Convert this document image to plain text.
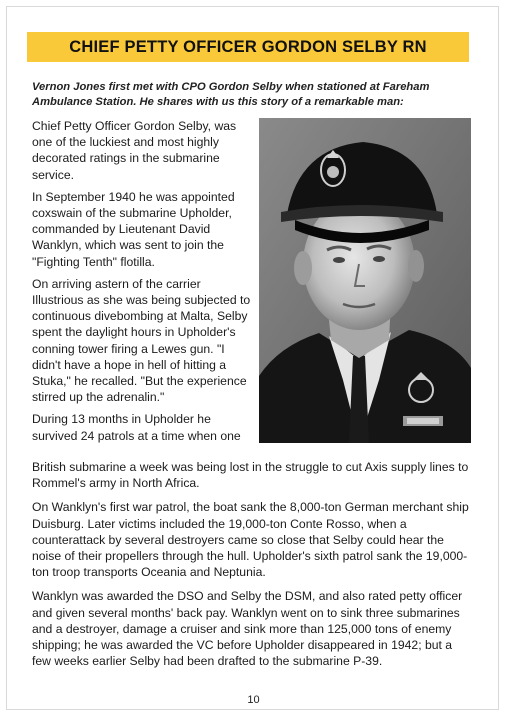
CHIEF PETTY OFFICER GORDON SELBY RN
Vernon Jones first met with CPO Gordon Selby when stationed at Fareham Ambulance Station. He shares with us this story of a remarkable man:

Chief Petty Officer Gordon Selby, was one of the luckiest and most highly decorated ratings in the submarine service.

In September 1940 he was appointed coxswain of the submarine Upholder, commanded by Lieutenant David Wanklyn, which was sent to join the "Fighting Tenth" flotilla.

On arriving astern of the carrier Illustrious as she was being subjected to continuous divebombing at Malta, Selby spent the daylight hours in Upholder's conning tower firing a Lewes gun. "I didn't have a hope in hell of hitting a Stuka," he recalled. "But the experience stirred up the adrenalin."

During 13 months in Upholder he survived 24 patrols at a time when one

British submarine a week was being lost in the struggle to cut Axis supply lines to Rommel's army in North Africa.

On Wanklyn's first war patrol, the boat sank the 8,000-ton German merchant ship Duisburg. Later victims included the 19,000-ton Conte Rosso, when a counterattack by several destroyers came so close that Selby could hear the noise of their propellers through the hull. Upholder's sixth patrol sank the 19,000-ton troop transports Oceania and Neptunia.

Wanklyn was awarded the DSO and Selby the DSM, and also rated petty officer and given several months' back pay. Wanklyn went on to sink three submarines and a destroyer, damage a cruiser and sink more than 125,000 tons of enemy shipping; he was awarded the VC before Upholder disappeared in 1942; but a few weeks earlier Selby had been drafted to the submarine P-39.

10
